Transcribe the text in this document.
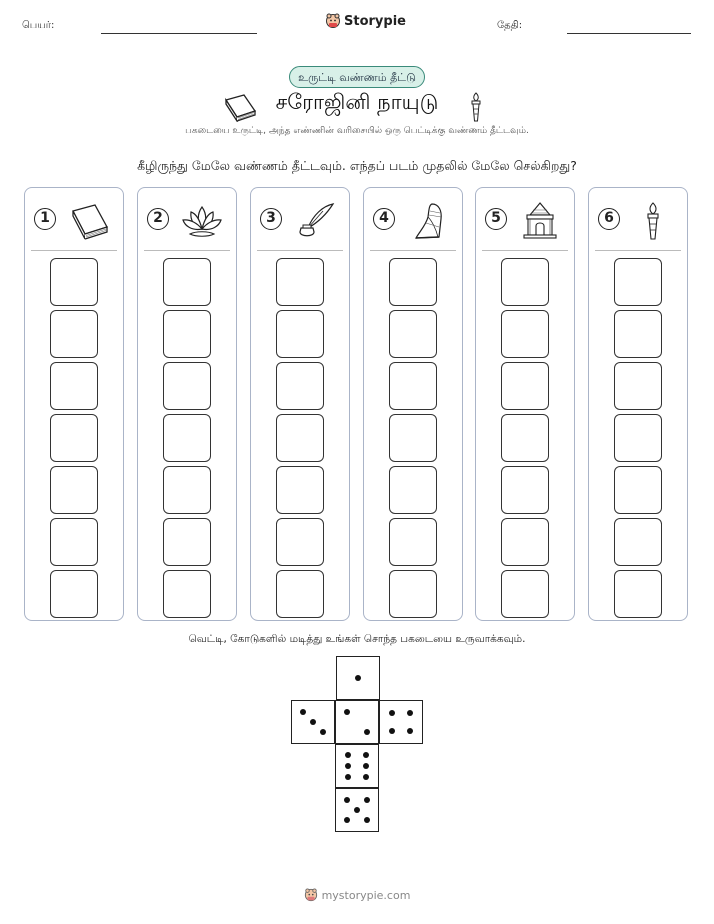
பெயர்:	Storypie	தேதி:
உருட்டி வண்ணம் தீட்டு
சரோஜினி நாயுடு
பகடையை உருட்டி, அந்த எண்ணின் வரிசையில் ஒரு பெட்டிக்கு வண்ணம் தீட்டவும்.
கீழிருந்து மேலே வண்ணம் தீட்டவும். எந்தப் படம் முதலில் மேலே செல்கிறது?
1	2	3	4	5	6
வெட்டி, கோடுகளில் மடித்து உங்கள் சொந்த பகடையை உருவாக்கவும்.
mystorypie.com
